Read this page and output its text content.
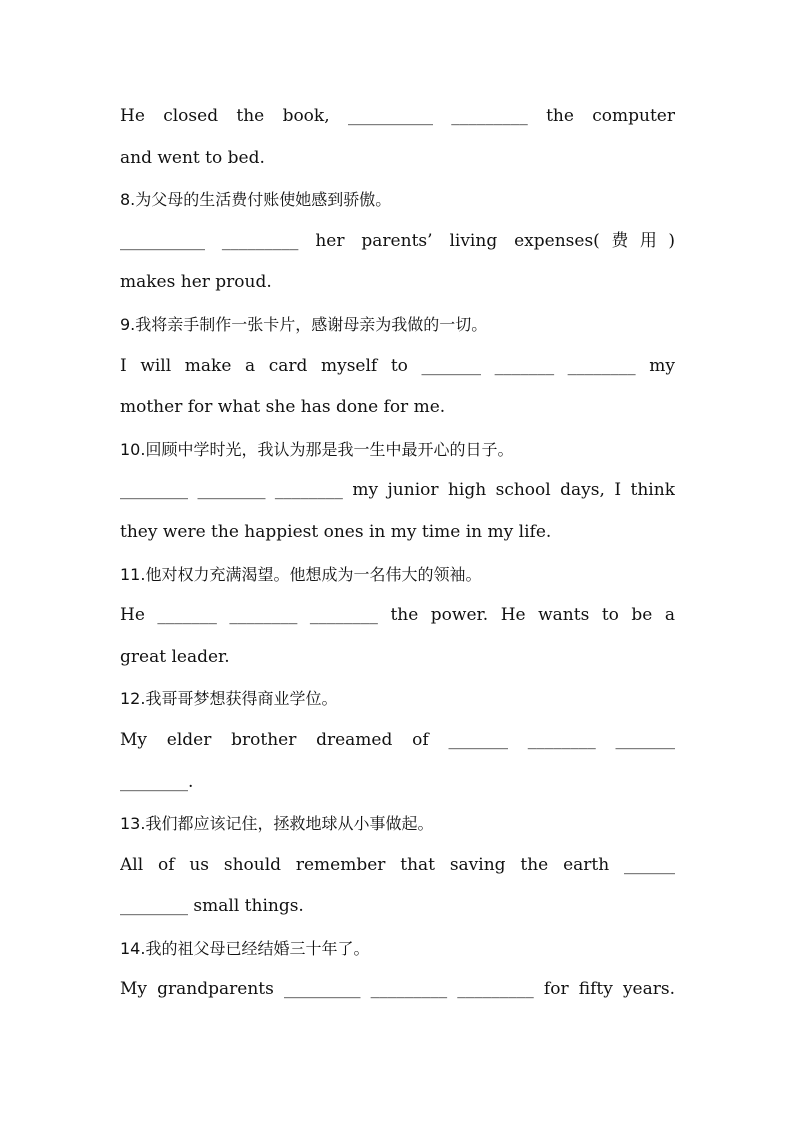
He closed the book, __________ _________ the computer
and went to bed.
8.为父母的生活费付账使她感到骄傲。
__________ _________ her parents’ living expenses(费用)
makes her proud.
9.我将亲手制作一张卡片，感谢母亲为我做的一切。
I will make a card myself to _______ _______ ________ my
mother for what she has done for me.
10.回顾中学时光，我认为那是我一生中最开心的日子。
________ ________ ________ my junior high school days, I think
they were the happiest ones in my time in my life.
11.他对权力充满渴望。他想成为一名伟大的领袖。
He _______ ________ ________ the power. He wants to be a
great leader.
12.我哥哥梦想获得商业学位。
My elder brother dreamed of _______ ________ _______
________.
13.我们都应该记住，拯救地球从小事做起。
All of us should remember that saving the earth ______
________ small things.
14.我的祖父母已经结婚三十年了。
My grandparents _________ _________ _________ for fifty years.
